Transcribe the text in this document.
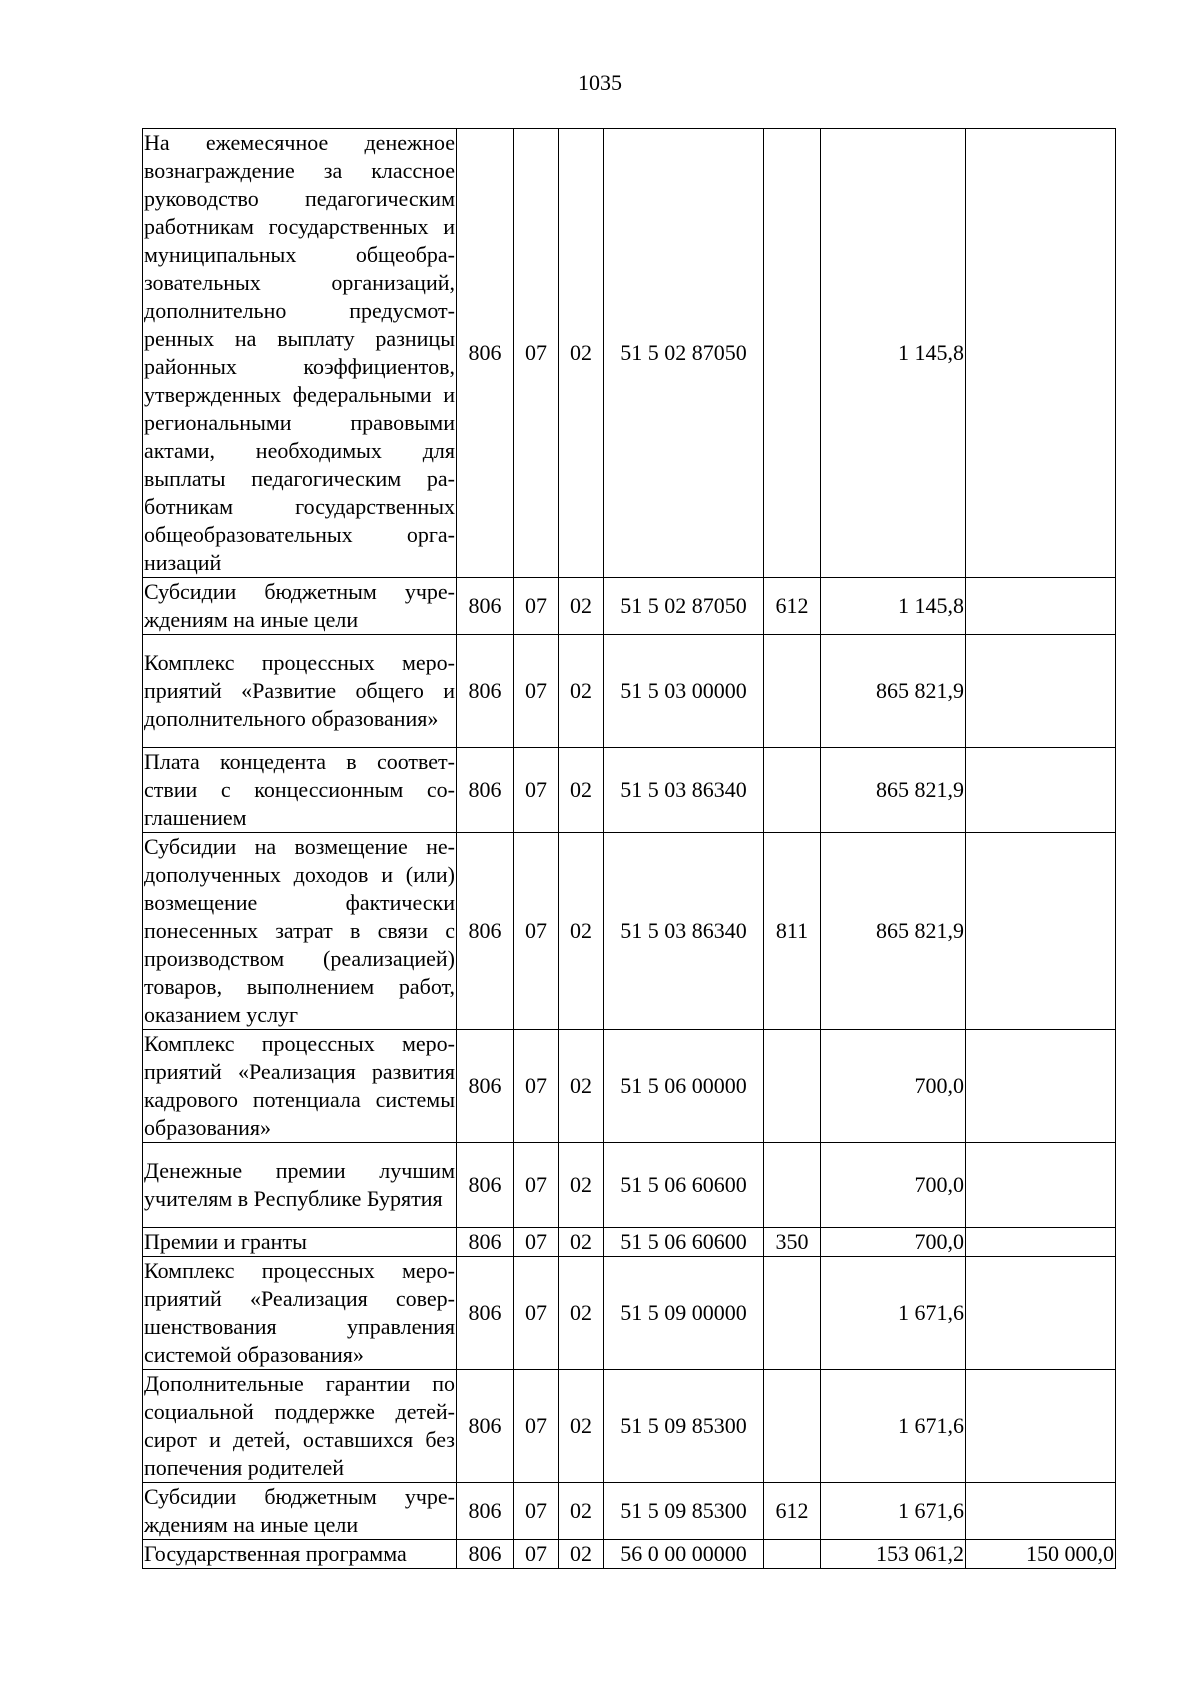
1035
На ежемесячное денежное вознаграждение за классное руководство педагогическим работникам государственных и муниципальных общеобразовательных организаций, дополнительно предусмотренных на выплату разницы районных коэффициентов, утвержденных федеральными и региональными правовыми актами, необходимых для выплаты педагогическим работникам государственных общеобразовательных организаций	806	07	02	51 5 02 87050		1 145,8	
Субсидии бюджетным учреждениям на иные цели	806	07	02	51 5 02 87050	612	1 145,8	
Комплекс процессных мероприятий «Развитие общего и дополнительного образования»	806	07	02	51 5 03 00000		865 821,9	
Плата концедента в соответствии с концессионным соглашением	806	07	02	51 5 03 86340		865 821,9	
Субсидии на возмещение недополученных доходов и (или) возмещение фактически понесенных затрат в связи с производством (реализацией) товаров, выполнением работ, оказанием услуг	806	07	02	51 5 03 86340	811	865 821,9	
Комплекс процессных мероприятий «Реализация развития кадрового потенциала системы образования»	806	07	02	51 5 06 00000		700,0	
Денежные премии лучшим учителям в Республике Бурятия	806	07	02	51 5 06 60600		700,0	
Премии и гранты	806	07	02	51 5 06 60600	350	700,0	
Комплекс процессных мероприятий «Реализация совершенствования управления системой образования»	806	07	02	51 5 09 00000		1 671,6	
Дополнительные гарантии по социальной поддержке детей-сирот и детей, оставшихся без попечения родителей	806	07	02	51 5 09 85300		1 671,6	
Субсидии бюджетным учреждениям на иные цели	806	07	02	51 5 09 85300	612	1 671,6	
Государственная программа	806	07	02	56 0 00 00000		153 061,2	150 000,0
